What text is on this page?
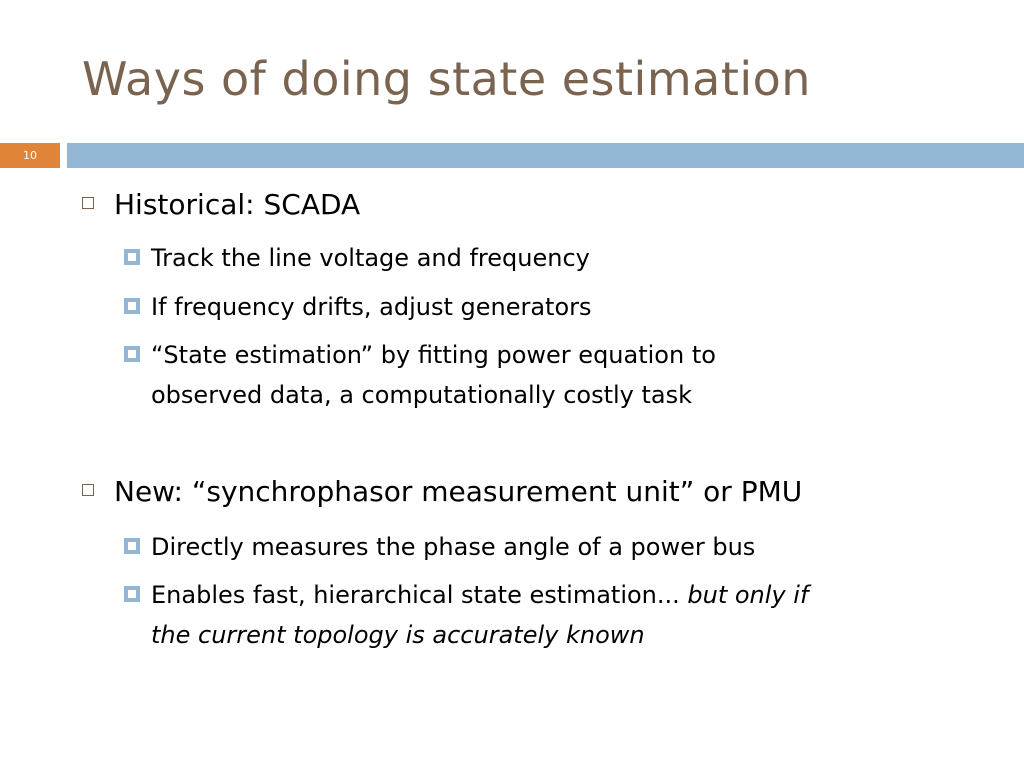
Ways of doing state estimation
10
Historical: SCADA
Track the line voltage and frequency
If frequency drifts, adjust generators
“State estimation” by fitting power equation to
observed data, a computationally costly task
New: “synchrophasor measurement unit” or PMU
Directly measures the phase angle of a power bus
Enables fast, hierarchical state estimation... but only if
the current topology is accurately known
